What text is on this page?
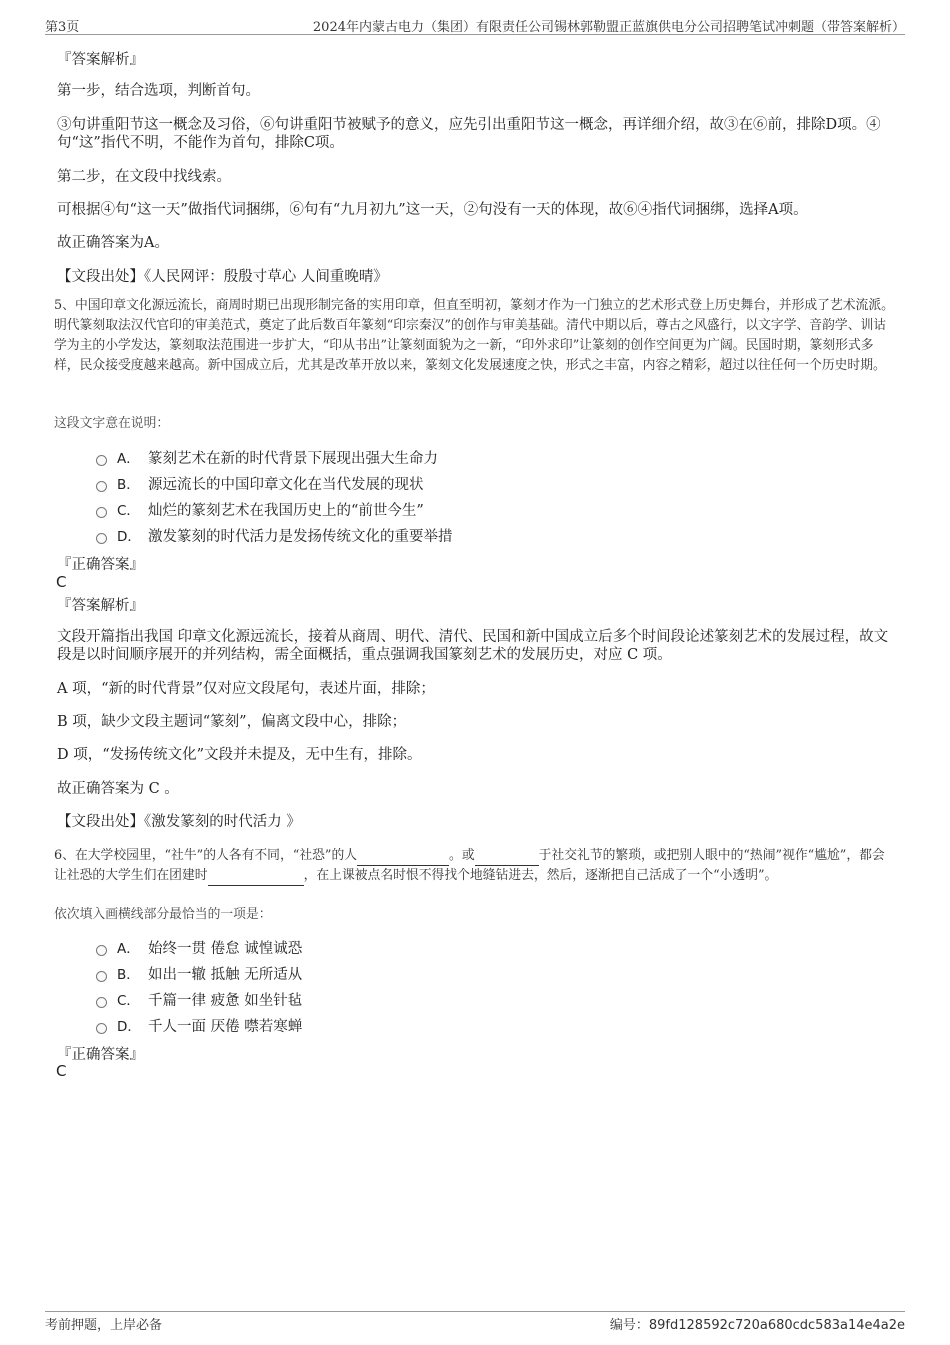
第3页	2024年内蒙古电力（集团）有限责任公司锡林郭勒盟正蓝旗供电分公司招聘笔试冲刺题（带答案解析）
『答案解析』
第一步，结合选项，判断首句。
③句讲重阳节这一概念及习俗，⑥句讲重阳节被赋予的意义，应先引出重阳节这一概念，再详细介绍，故③在⑥前，排除D项。④句“这”指代不明，不能作为首句，排除C项。
第二步，在文段中找线索。
可根据④句“这一天”做指代词捆绑，⑥句有“九月初九”这一天，②句没有一天的体现，故⑥④指代词捆绑，选择A项。
故正确答案为A。
【文段出处】《人民网评：殷殷寸草心 人间重晚晴》
5、中国印章文化源远流长，商周时期已出现形制完备的实用印章，但直至明初，篆刻才作为一门独立的艺术形式登上历史舞台，并形成了艺术流派。明代篆刻取法汉代官印的审美范式，奠定了此后数百年篆刻“印宗秦汉”的创作与审美基础。清代中期以后，尊古之风盛行，以文字学、音韵学、训诂学为主的小学发达，篆刻取法范围进一步扩大，“印从书出”让篆刻面貌为之一新，“印外求印”让篆刻的创作空间更为广阔。民国时期，篆刻形式多样，民众接受度越来越高。新中国成立后，尤其是改革开放以来，篆刻文化发展速度之快，形式之丰富，内容之精彩，超过以往任何一个历史时期。
这段文字意在说明：
A． 篆刻艺术在新的时代背景下展现出强大生命力
B． 源远流长的中国印章文化在当代发展的现状
C． 灿烂的篆刻艺术在我国历史上的“前世今生”
D． 激发篆刻的时代活力是发扬传统文化的重要举措
『正确答案』
C
『答案解析』
文段开篇指出我国 印章文化源远流长，接着从商周、明代、清代、民国和新中国成立后多个时间段论述篆刻艺术的发展过程，故文段是以时间顺序展开的并列结构，需全面概括，重点强调我国篆刻艺术的发展历史，对应 C 项。
A 项，“新的时代背景”仅对应文段尾句，表述片面，排除；
B 项，缺少文段主题词“篆刻”，偏离文段中心，排除；
D 项，“发扬传统文化”文段并未提及，无中生有，排除。
故正确答案为 C 。
【文段出处】《激发篆刻的时代活力 》
6、在大学校园里，“社牛”的人各有不同，“社恐”的人	。或	于社交礼节的繁琐，或把别人眼中的“热闹”视作“尴尬”，都会让社恐的大学生们在团建时	，在上课被点名时恨不得找个地缝钻进去，然后，逐渐把自己活成了一个“小透明”。
依次填入画横线部分最恰当的一项是：
A． 始终一贯 倦怠 诚惶诚恐
B． 如出一辙 抵触 无所适从
C． 千篇一律 疲惫 如坐针毡
D． 千人一面 厌倦 噤若寒蝉
『正确答案』
C
考前押题，上岸必备	编号：89fd128592c720a680cdc583a14e4a2e
